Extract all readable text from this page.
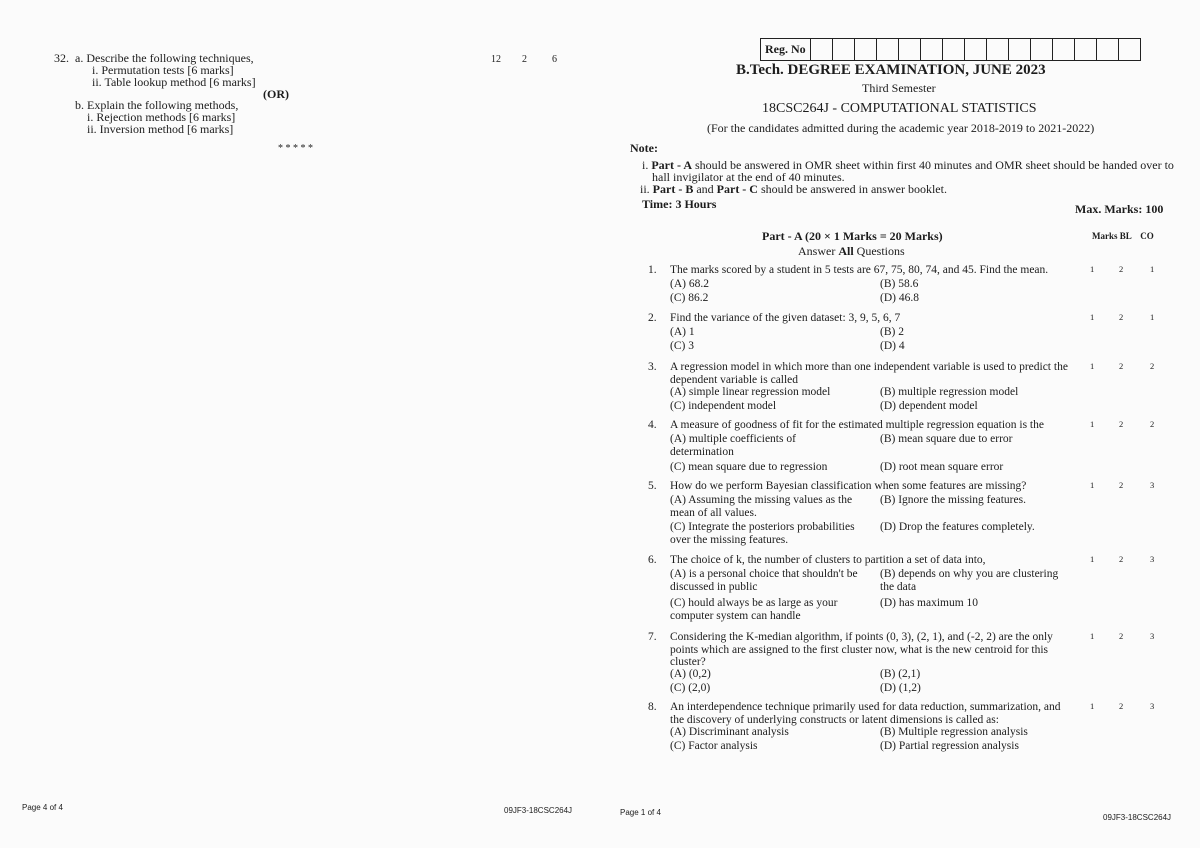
32. a. Describe the following techniques,
i. Permutation tests [6 marks]
ii. Table lookup method [6 marks]
(OR)
b. Explain the following methods,
i. Rejection methods [6 marks]
ii. Inversion method [6 marks]
12 2	6
* * * * *
Page 4 of 4	09JF3-18CSC264J
Reg. No
B.Tech. DEGREE EXAMINATION, JUNE 2023
Third Semester
18CSC264J - COMPUTATIONAL STATISTICS
(For the candidates admitted during the academic year 2018-2019 to 2021-2022)
Note:
i. Part - A should be answered in OMR sheet within first 40 minutes and OMR sheet should be handed over to
hall invigilator at the end of 40 minutes.
ii. Part - B and Part - C should be answered in answer booklet.
Time: 3 Hours	Max. Marks: 100
Part - A (20 × 1 Marks = 20 Marks)
Answer All Questions
Marks BL    CO
1. The marks scored by a student in 5 tests are 67, 75, 80, 74, and 45. Find the mean.
(A) 68.2	(B) 58.6
(C) 86.2	(D) 46.8
1	2	1
2. Find the variance of the given dataset: 3, 9, 5, 6, 7
(A) 1	(B) 2
(C) 3	(D) 4
1	2	1
3. A regression model in which more than one independent variable is used to predict the dependent variable is called
(A) simple linear regression model	(B) multiple regression model
(C) independent model	(D) dependent model
1	2	2
4. A measure of goodness of fit for the estimated multiple regression equation is the
(A) multiple coefficients of determination
(B) mean square due to error
(C) mean square due to regression	(D) root mean square error
1	2	2
5. How do we perform Bayesian classification when some features are missing?
(A) Assuming the missing values as the mean of all values.
(B) Ignore the missing features.
(C) Integrate the posteriors probabilities over the missing features.
(D) Drop the features completely.
1	2	3
6. The choice of k, the number of clusters to partition a set of data into,
(A) is a personal choice that shouldn't be discussed in public
(B) depends on why you are clustering the data
(C) hould always be as large as your computer system can handle
(D) has maximum 10
1	2	3
7. Considering the K-median algorithm, if points (0, 3), (2, 1), and (-2, 2) are the only points which are assigned to the first cluster now, what is the new centroid for this cluster?
(A) (0,2)	(B) (2,1)
(C) (2,0)	(D) (1,2)
1	2	3
8. An interdependence technique primarily used for data reduction, summarization, and the discovery of underlying constructs or latent dimensions is called as:
(A) Discriminant analysis	(B) Multiple regression analysis
(C) Factor analysis	(D) Partial regression analysis
1	2	3
Page 1 of 4
09JF3-18CSC264J
